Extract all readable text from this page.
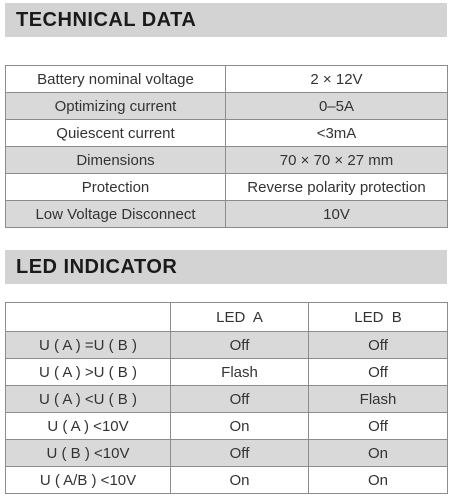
TECHNICAL DATA
Battery nominal voltage	2 × 12V
Optimizing current	0–5A
Quiescent current	<3mA
Dimensions	70 × 70 × 27 mm
Protection	Reverse polarity protection
Low Voltage Disconnect	10V
LED INDICATOR
	LED  A	LED  B
U ( A ) =U ( B )	Off	Off
U ( A ) >U ( B )	Flash	Off
U ( A ) <U ( B )	Off	Flash
U ( A ) <10V	On	Off
U ( B ) <10V	Off	On
U ( A/B ) <10V	On	On
